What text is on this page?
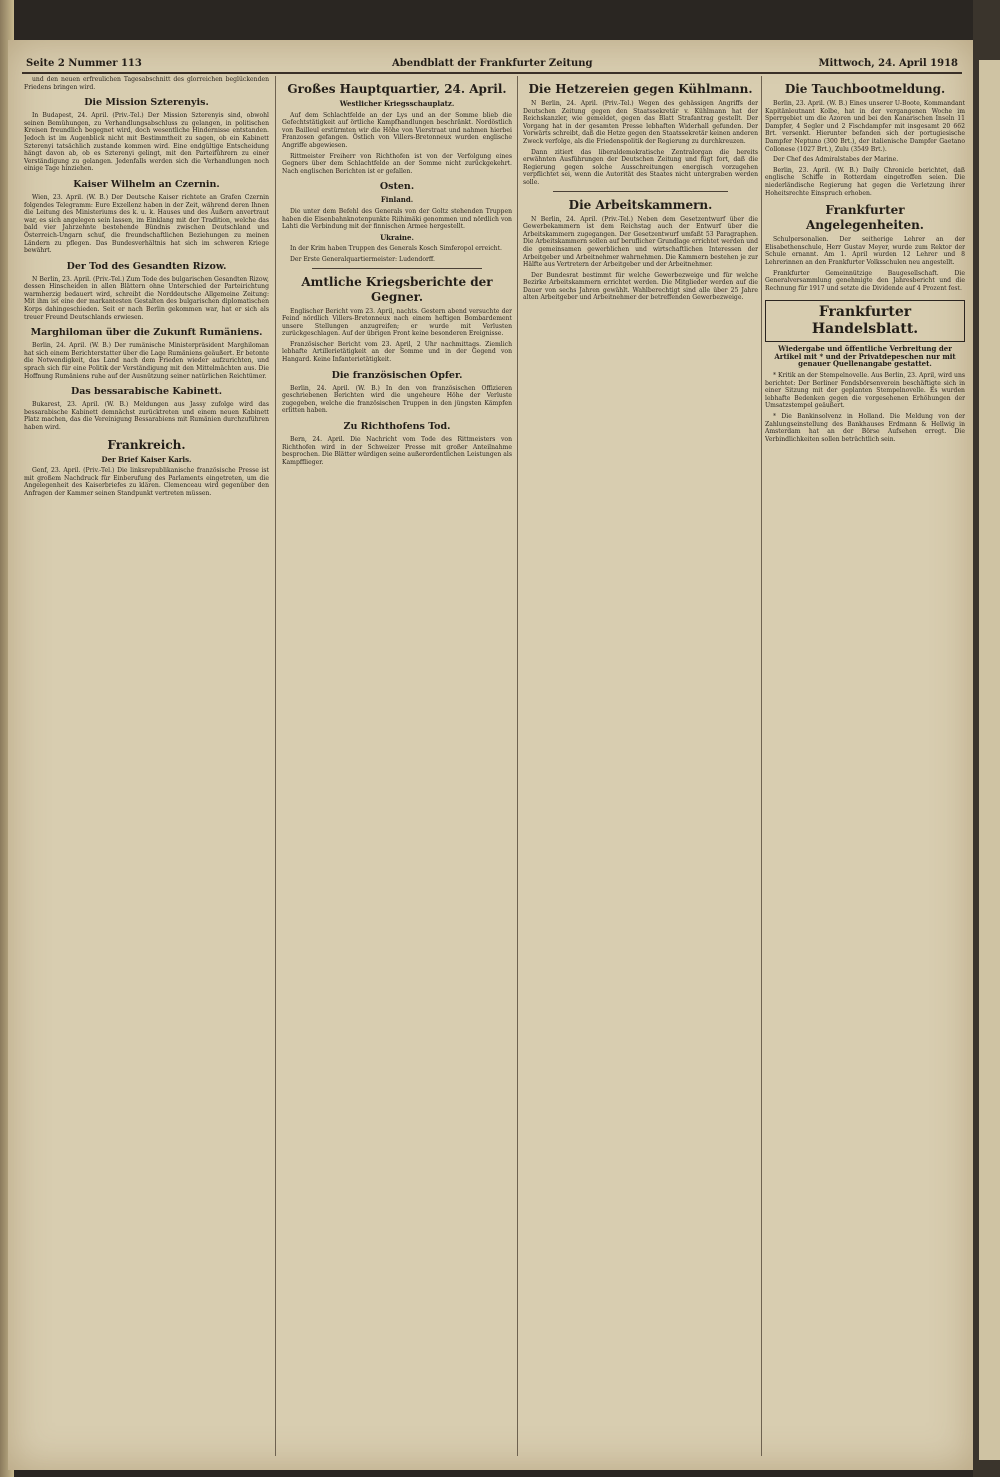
Seite 2 Nummer 113	Abendblatt der Frankfurter Zeitung	Mittwoch, 24. April 1918

und den neuen erfreulichen Tagesabschnitt des glorreichen beglückenden Friedens bringen wird.

Die Mission Szterenyis.

In Budapest, 24. April. (Priv.-Tel.) Der Mission Szterenyis sind, obwohl seinen Bemühungen, zu Verhandlungsabschluss zu gelangen, in politischen Kreisen freundlich begegnet wird, doch wesentliche Hindernisse entstanden. Jedoch ist im Augenblick nicht mit Bestimmtheit zu sagen, ob ein Kabinett Szterenyi tatsächlich zustande kommen wird. Eine endgültige Entscheidung hängt davon ab, ob es Szterenyi gelingt, mit den Parteiführern zu einer Verständigung zu gelangen. Jedenfalls werden sich die Verhandlungen noch einige Tage hinziehen.

Kaiser Wilhelm an Czernin.

Wien, 23. April. (W. B.) Der Deutsche Kaiser richtete an Grafen Czernin folgendes Telegramm: Eure Exzellenz haben in der Zeit, während deren Ihnen die Leitung des Ministeriums des k. u. k. Hauses und des Äußern anvertraut war, es sich angelegen sein lassen, im Einklang mit der Tradition, welche das bald vier Jahrzehnte bestehende Bündnis zwischen Deutschland und Österreich-Ungarn schuf, die freundschaftlichen Beziehungen zu meinen Ländern zu pflegen. Das Bundesverhältnis hat sich im schweren Kriege bewährt.

Der Tod des Gesandten Rizow.

N Berlin, 23. April. (Priv.-Tel.) Zum Tode des bulgarischen Gesandten Rizow, dessen Hinscheiden in allen Blättern ohne Unterschied der Parteirichtung warmherzig bedauert wird, schreibt die Norddeutsche Allgemeine Zeitung: Mit ihm ist eine der markantesten Gestalten des bulgarischen diplomatischen Korps dahingeschieden. Seit er nach Berlin gekommen war, hat er sich als treuer Freund Deutschlands erwiesen.

Marghiloman über die Zukunft Rumäniens.

Berlin, 24. April. (W. B.) Der rumänische Ministerpräsident Marghiloman hat sich einem Berichterstatter über die Lage Rumäniens geäußert. Er betonte die Notwendigkeit, das Land nach dem Frieden wieder aufzurichten, und sprach sich für eine Politik der Verständigung mit den Mittelmächten aus. Die Hoffnung Rumäniens ruhe auf der Ausnützung seiner natürlichen Reichtümer.

Das bessarabische Kabinett.

Bukarest, 23. April. (W. B.) Meldungen aus Jassy zufolge wird das bessarabische Kabinett demnächst zurücktreten und einem neuen Kabinett Platz machen, das die Vereinigung Bessarabiens mit Rumänien durchzuführen haben wird.

Frankreich.
Der Brief Kaiser Karls.

Genf, 23. April. (Priv.-Tel.) Die linksrepublikanische französische Presse ist mit großem Nachdruck für Einberufung des Parlaments eingetreten, um die Angelegenheit des Kaiserbriefes zu klären. Clemenceau wird gegenüber den Anfragen der Kammer seinen Standpunkt vertreten müssen.

Großes Hauptquartier, 24. April.
Westlicher Kriegsschauplatz.

Auf dem Schlachtfelde an der Lys und an der Somme blieb die Gefechtstätigkeit auf örtliche Kampfhandlungen beschränkt. Nordöstlich von Bailleul erstürmten wir die Höhe von Vierstraat und nahmen hierbei Franzosen gefangen. Östlich von Villers-Bretonneux wurden englische Angriffe abgewiesen.

Rittmeister Freiherr von Richthofen ist von der Verfolgung eines Gegners über dem Schlachtfelde an der Somme nicht zurückgekehrt. Nach englischen Berichten ist er gefallen.

Osten.
Finland.

Die unter dem Befehl des Generals von der Goltz stehenden Truppen haben die Eisenbahnknotenpunkte Riihimäki genommen und nördlich von Lahti die Verbindung mit der finnischen Armee hergestellt.

Ukraine.

In der Krim haben Truppen des Generals Kosch Simferopol erreicht.

Der Erste Generalquartiermeister: Ludendorff.

Amtliche Kriegsberichte der Gegner.

Englischer Bericht vom 23. April, nachts. Gestern abend versuchte der Feind nördlich Villers-Bretonneux nach einem heftigen Bombardement unsere Stellungen anzugreifen; er wurde mit Verlusten zurückgeschlagen. Auf der übrigen Front keine besonderen Ereignisse.

Französischer Bericht vom 23. April, 2 Uhr nachmittags. Ziemlich lebhafte Artillerietätigkeit an der Somme und in der Gegend von Hangard. Keine Infanterietätigkeit.

Die französischen Opfer.

Berlin, 24. April. (W. B.) In den von französischen Offizieren geschriebenen Berichten wird die ungeheure Höhe der Verluste zugegeben, welche die französischen Truppen in den jüngsten Kämpfen erlitten haben.

Zu Richthofens Tod.

Bern, 24. April. Die Nachricht vom Tode des Rittmeisters von Richthofen wird in der Schweizer Presse mit großer Anteilnahme besprochen. Die Blätter würdigen seine außerordentlichen Leistungen als Kampfflieger.

Die Hetzereien gegen Kühlmann.

N Berlin, 24. April. (Priv.-Tel.) Wegen des gehässigen Angriffs der Deutschen Zeitung gegen den Staatssekretär v. Kühlmann hat der Reichskanzler, wie gemeldet, gegen das Blatt Strafantrag gestellt. Der Vorgang hat in der gesamten Presse lebhaften Widerhall gefunden. Der Vorwärts schreibt, daß die Hetze gegen den Staatssekretär keinen anderen Zweck verfolge, als die Friedenspolitik der Regierung zu durchkreuzen.

Dann zitiert das liberaldemokratische Zentralorgan die bereits erwähnten Ausführungen der Deutschen Zeitung und fügt fort, daß die Regierung gegen solche Ausschreitungen energisch vorzugehen verpflichtet sei, wenn die Autorität des Staates nicht untergraben werden solle.

Die Arbeitskammern.

N Berlin, 24. April. (Priv.-Tel.) Neben dem Gesetzentwurf über die Gewerbekammern ist dem Reichstag auch der Entwurf über die Arbeitskammern zugegangen. Der Gesetzentwurf umfaßt 53 Paragraphen. Die Arbeitskammern sollen auf beruflicher Grundlage errichtet werden und die gemeinsamen gewerblichen und wirtschaftlichen Interessen der Arbeitgeber und Arbeitnehmer wahrnehmen. Die Kammern bestehen je zur Hälfte aus Vertretern der Arbeitgeber und der Arbeitnehmer.

Der Bundesrat bestimmt für welche Gewerbezweige und für welche Bezirke Arbeitskammern errichtet werden. Die Mitglieder werden auf die Dauer von sechs Jahren gewählt. Wahlberechtigt sind alle über 25 Jahre alten Arbeitgeber und Arbeitnehmer der betreffenden Gewerbezweige.

Die Tauchbootmeldung.

Berlin, 23. April. (W. B.) Eines unserer U-Boote, Kommandant Kapitänleutnant Kolbe, hat in der vergangenen Woche im Sperrgebiet um die Azoren und bei den Kanarischen Inseln 11 Dampfer, 4 Segler und 2 Fischdampfer mit insgesamt 20 662 Brt. versenkt. Hierunter befanden sich der portugiesische Dampfer Neptuno (300 Brt.), der italienische Dampfer Gaetano Collonese (1027 Brt.), Zulu (3549 Brt.).

Der Chef des Admiralstabes der Marine.

Berlin, 23. April. (W. B.) Daily Chronicle berichtet, daß englische Schiffe in Rotterdam eingetroffen seien. Die niederländische Regierung hat gegen die Verletzung ihrer Hoheitsrechte Einspruch erhoben.

Frankfurter Angelegenheiten.

Schulpersonalien. Der seitherige Lehrer an der Elisabethenschule, Herr Gustav Meyer, wurde zum Rektor der Schule ernannt. Am 1. April wurden 12 Lehrer und 8 Lehrerinnen an den Frankfurter Volksschulen neu angestellt.

Frankfurter Gemeinnützige Baugesellschaft. Die Generalversammlung genehmigte den Jahresbericht und die Rechnung für 1917 und setzte die Dividende auf 4 Prozent fest.

Frankfurter Handelsblatt.
Wiedergabe und öffentliche Verbreitung der Artikel mit * und der Privatdepeschen nur mit genauer Quellenangabe gestattet.

* Kritik an der Stempelnovelle. Aus Berlin, 23. April, wird uns berichtet: Der Berliner Fondsbörsenverein beschäftigte sich in einer Sitzung mit der geplanten Stempelnovelle. Es wurden lebhafte Bedenken gegen die vorgesehenen Erhöhungen der Umsatzstempel geäußert.

* Die Bankinsolvenz in Holland. Die Meldung von der Zahlungseinstellung des Bankhauses Erdmann & Hellwig in Amsterdam hat an der Börse Aufsehen erregt. Die Verbindlichkeiten sollen beträchtlich sein.
